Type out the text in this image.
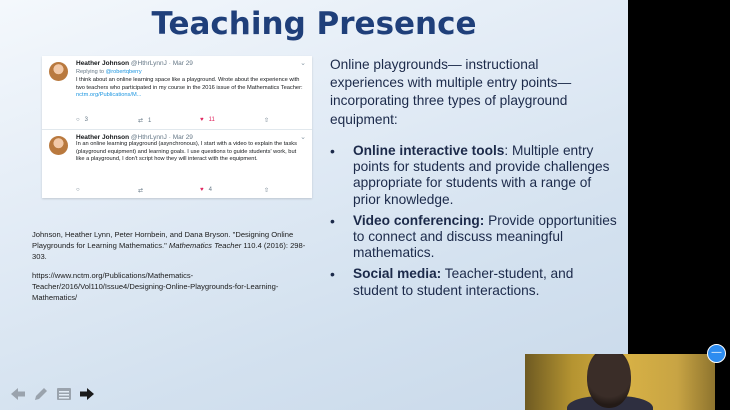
Teaching Presence
Heather Johnson @HthrLynnJ · Mar 29	⌄
Replying to @robertqberry
I think about an online learning space like a playground. Wrote about the experience with two teachers who participated in my course in the 2016 issue of the Mathematics Teacher: nctm.org/Publications/M...
○ 3	⇄ 1	♥ 11	⇧
Heather Johnson @HthrLynnJ · Mar 29	⌄
In an online learning playground (asynchronous), I start with a video to explain the tasks (playground equipment) and learning goals. I use questions to guide students' work, but like a playground, I don't script how they will interact with the equipment.
○	⇄	♥ 4	⇧
Johnson, Heather Lynn, Peter Hornbein, and Dana Bryson. "Designing Online Playgrounds for Learning Mathematics." Mathematics Teacher 110.4 (2016): 298-303.
https://www.nctm.org/Publications/Mathematics-Teacher/2016/Vol110/Issue4/Designing-Online-Playgrounds-for-Learning-Mathematics/
Online playgrounds— instructional experiences with multiple entry points—incorporating three types of playground equipment:
• Online interactive tools: Multiple entry points for students and provide challenges appropriate for students with a range of prior knowledge.
• Video conferencing: Provide opportunities to connect and discuss meaningful mathematics.
• Social media: Teacher-student, and student to student interactions.
—
